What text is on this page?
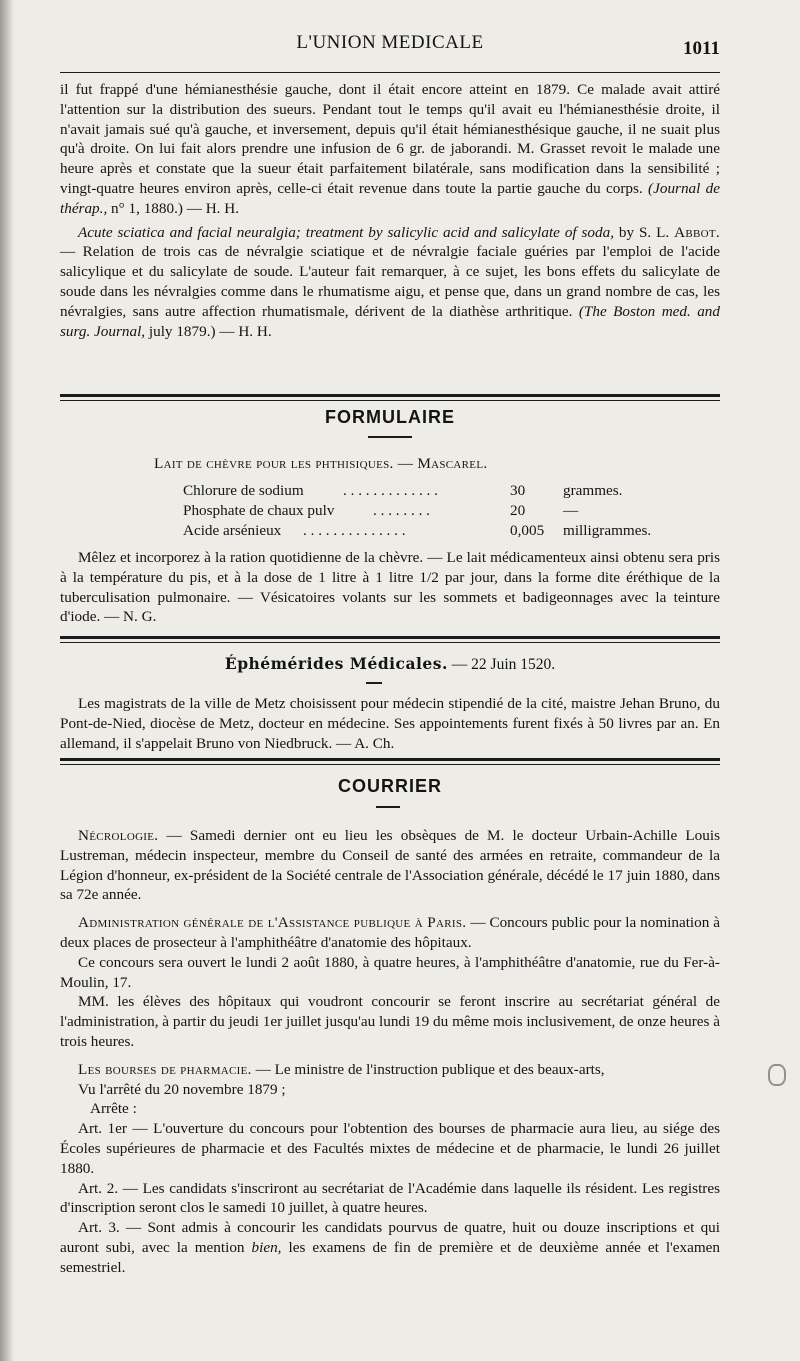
L'UNION MEDICALE	1011

il fut frappé d'une hémianesthésie gauche, dont il était encore atteint en 1879. Ce malade avait attiré l'attention sur la distribution des sueurs. Pendant tout le temps qu'il avait eu l'hémianesthésie droite, il n'avait jamais sué qu'à gauche, et inversement, depuis qu'il était hémianesthésique gauche, il ne suait plus qu'à droite. On lui fait alors prendre une infusion de 6 gr. de jaborandi. M. Grasset revoit le malade une heure après et constate que la sueur était parfaitement bilatérale, sans modification dans la sensibilité ; vingt-quatre heures environ après, celle-ci était revenue dans toute la partie gauche du corps. (Journal de thérap., n° 1, 1880.) — H. H.

Acute sciatica and facial neuralgia; treatment by salicylic acid and salicylate of soda, by S. L. Abbot. — Relation de trois cas de névralgie sciatique et de névralgie faciale guéries par l'emploi de l'acide salicylique et du salicylate de soude. L'auteur fait remarquer, à ce sujet, les bons effets du salicylate de soude dans les névralgies comme dans le rhumatisme aigu, et pense que, dans un grand nombre de cas, les névralgies, sans autre affection rhumatismale, dérivent de la diathèse arthritique. (The Boston med. and surg. Journal, july 1879.) — H. H.

FORMULAIRE
Lait de chèvre pour les phthisiques. — Mascarel.
Chlorure de sodium	. . . . . . . . . . . . .	30 grammes.
Phosphate de chaux pulv	. . . . . . . .	20 —
Acide arsénieux . . . . . . . . . . . . . .	0,005 milligrammes.

Mêlez et incorporez à la ration quotidienne de la chèvre. — Le lait médicamenteux ainsi obtenu sera pris à la température du pis, et à la dose de 1 litre à 1 litre 1/2 par jour, dans la forme dite éréthique de la tuberculisation pulmonaire. — Vésicatoires volants sur les sommets et badigeonnages avec la teinture d'iode. — N. G.

Éphémérides Médicales. — 22 Juin 1520.

Les magistrats de la ville de Metz choisissent pour médecin stipendié de la cité, maistre Jehan Bruno, du Pont-de-Nied, diocèse de Metz, docteur en médecine. Ses appointements furent fixés à 50 livres par an. En allemand, il s'appelait Bruno von Niedbruck. — A. Ch.

COURRIER

Nécrologie. — Samedi dernier ont eu lieu les obsèques de M. le docteur Urbain-Achille Louis Lustreman, médecin inspecteur, membre du Conseil de santé des armées en retraite, commandeur de la Légion d'honneur, ex-président de la Société centrale de l'Association générale, décédé le 17 juin 1880, dans sa 72e année.

Administration générale de l'Assistance publique à Paris. — Concours public pour la nomination à deux places de prosecteur à l'amphithéâtre d'anatomie des hôpitaux.

Ce concours sera ouvert le lundi 2 août 1880, à quatre heures, à l'amphithéâtre d'anatomie, rue du Fer-à-Moulin, 17.

MM. les élèves des hôpitaux qui voudront concourir se feront inscrire au secrétariat général de l'administration, à partir du jeudi 1er juillet jusqu'au lundi 19 du même mois inclusivement, de onze heures à trois heures.

Les bourses de pharmacie. — Le ministre de l'instruction publique et des beaux-arts,

Vu l'arrêté du 20 novembre 1879 ;

Arrête :

Art. 1er — L'ouverture du concours pour l'obtention des bourses de pharmacie aura lieu, au siége des Écoles supérieures de pharmacie et des Facultés mixtes de médecine et de pharmacie, le lundi 26 juillet 1880.

Art. 2. — Les candidats s'inscriront au secrétariat de l'Académie dans laquelle ils résident. Les registres d'inscription seront clos le samedi 10 juillet, à quatre heures.

Art. 3. — Sont admis à concourir les candidats pourvus de quatre, huit ou douze inscriptions et qui auront subi, avec la mention bien, les examens de fin de première et de deuxième année et l'examen semestriel.
